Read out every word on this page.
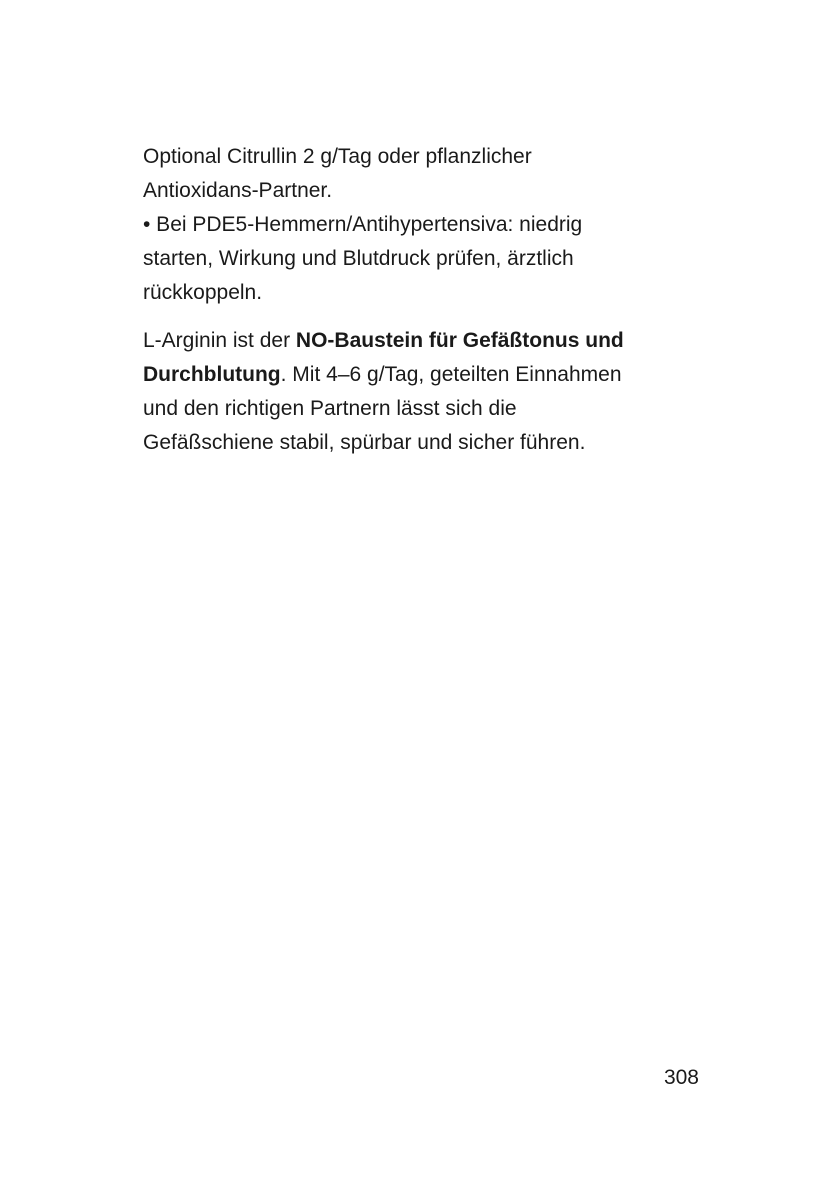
Optional Citrullin 2 g/Tag oder pflanzlicher
Antioxidans-Partner.
• Bei PDE5-Hemmern/Antihypertensiva: niedrig
starten, Wirkung und Blutdruck prüfen, ärztlich
rückkoppeln.

L-Arginin ist der NO-Baustein für Gefäßtonus und
Durchblutung. Mit 4–6 g/Tag, geteilten Einnahmen
und den richtigen Partnern lässt sich die
Gefäßschiene stabil, spürbar und sicher führen.

308
